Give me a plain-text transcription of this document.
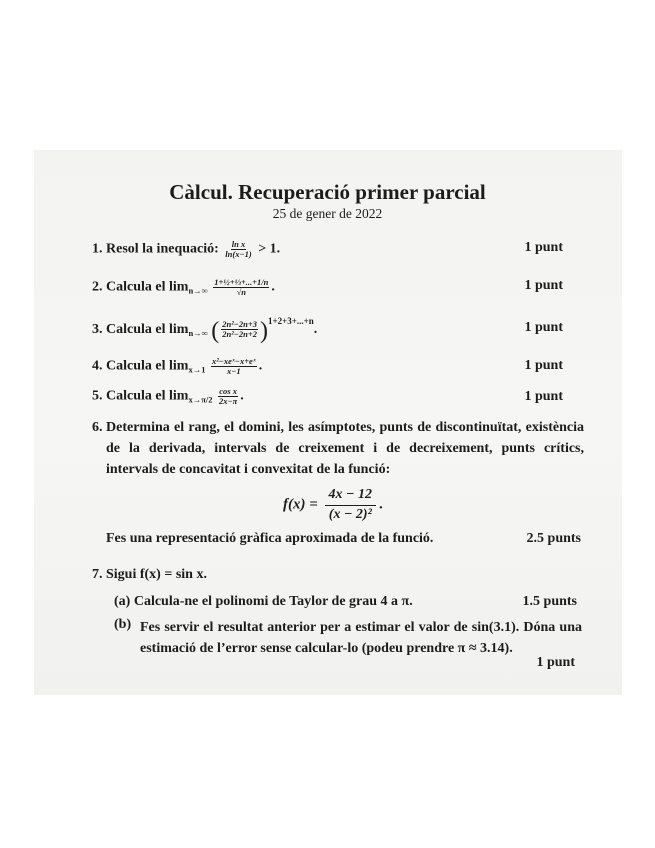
Càlcul. Recuperació primer parcial
25 de gener de 2022
1. Resol la inequació: $\frac{\text{ln x}}{\ln(x-1)} > 1$.	1 punt
2. Calcula el $\lim_{n\to\infty} \frac{\text{1+½+⅓+...+1/n}}{√n}$ .	1 punt
3. Calcula el $\lim_{n\to\infty}$ ( $\frac{\text{2n²−2n+3}}{\text{2n²−2n+2}} )^{1+2+3+...+n}$.	1 punt
4. Calcula el $\lim_{x\to 1} \frac{\text{x²−xeˣ−x+eˣ}}{x-1}$ .	1 punt
5. Calcula el $\lim_{x\to\pi/2} \frac{\text{cos x}}{2x-\pi}$ .	1 punt
6. Determina el rang, el domini, les asímptotes, punts de discontinuïtat, existència de la derivada, intervals de creixement i de decreixement, punts crítics, intervals de concavitat i convexitat de la funció:
$f(x) = \frac{4x - 12}{\text{(x − 2)²}}$ .
Fes una representació gràfica aproximada de la funció.	2.5 punts
7. Sigui f(x) = sin x.
(a) Calcula-ne el polinomi de Taylor de grau 4 a π.	1.5 punts
(b) Fes servir el resultat anterior per a estimar el valor de sin(3.1). Dóna una estimació de l’error sense calcular-lo (podeu prendre π ≈ 3.14).
1 punt
